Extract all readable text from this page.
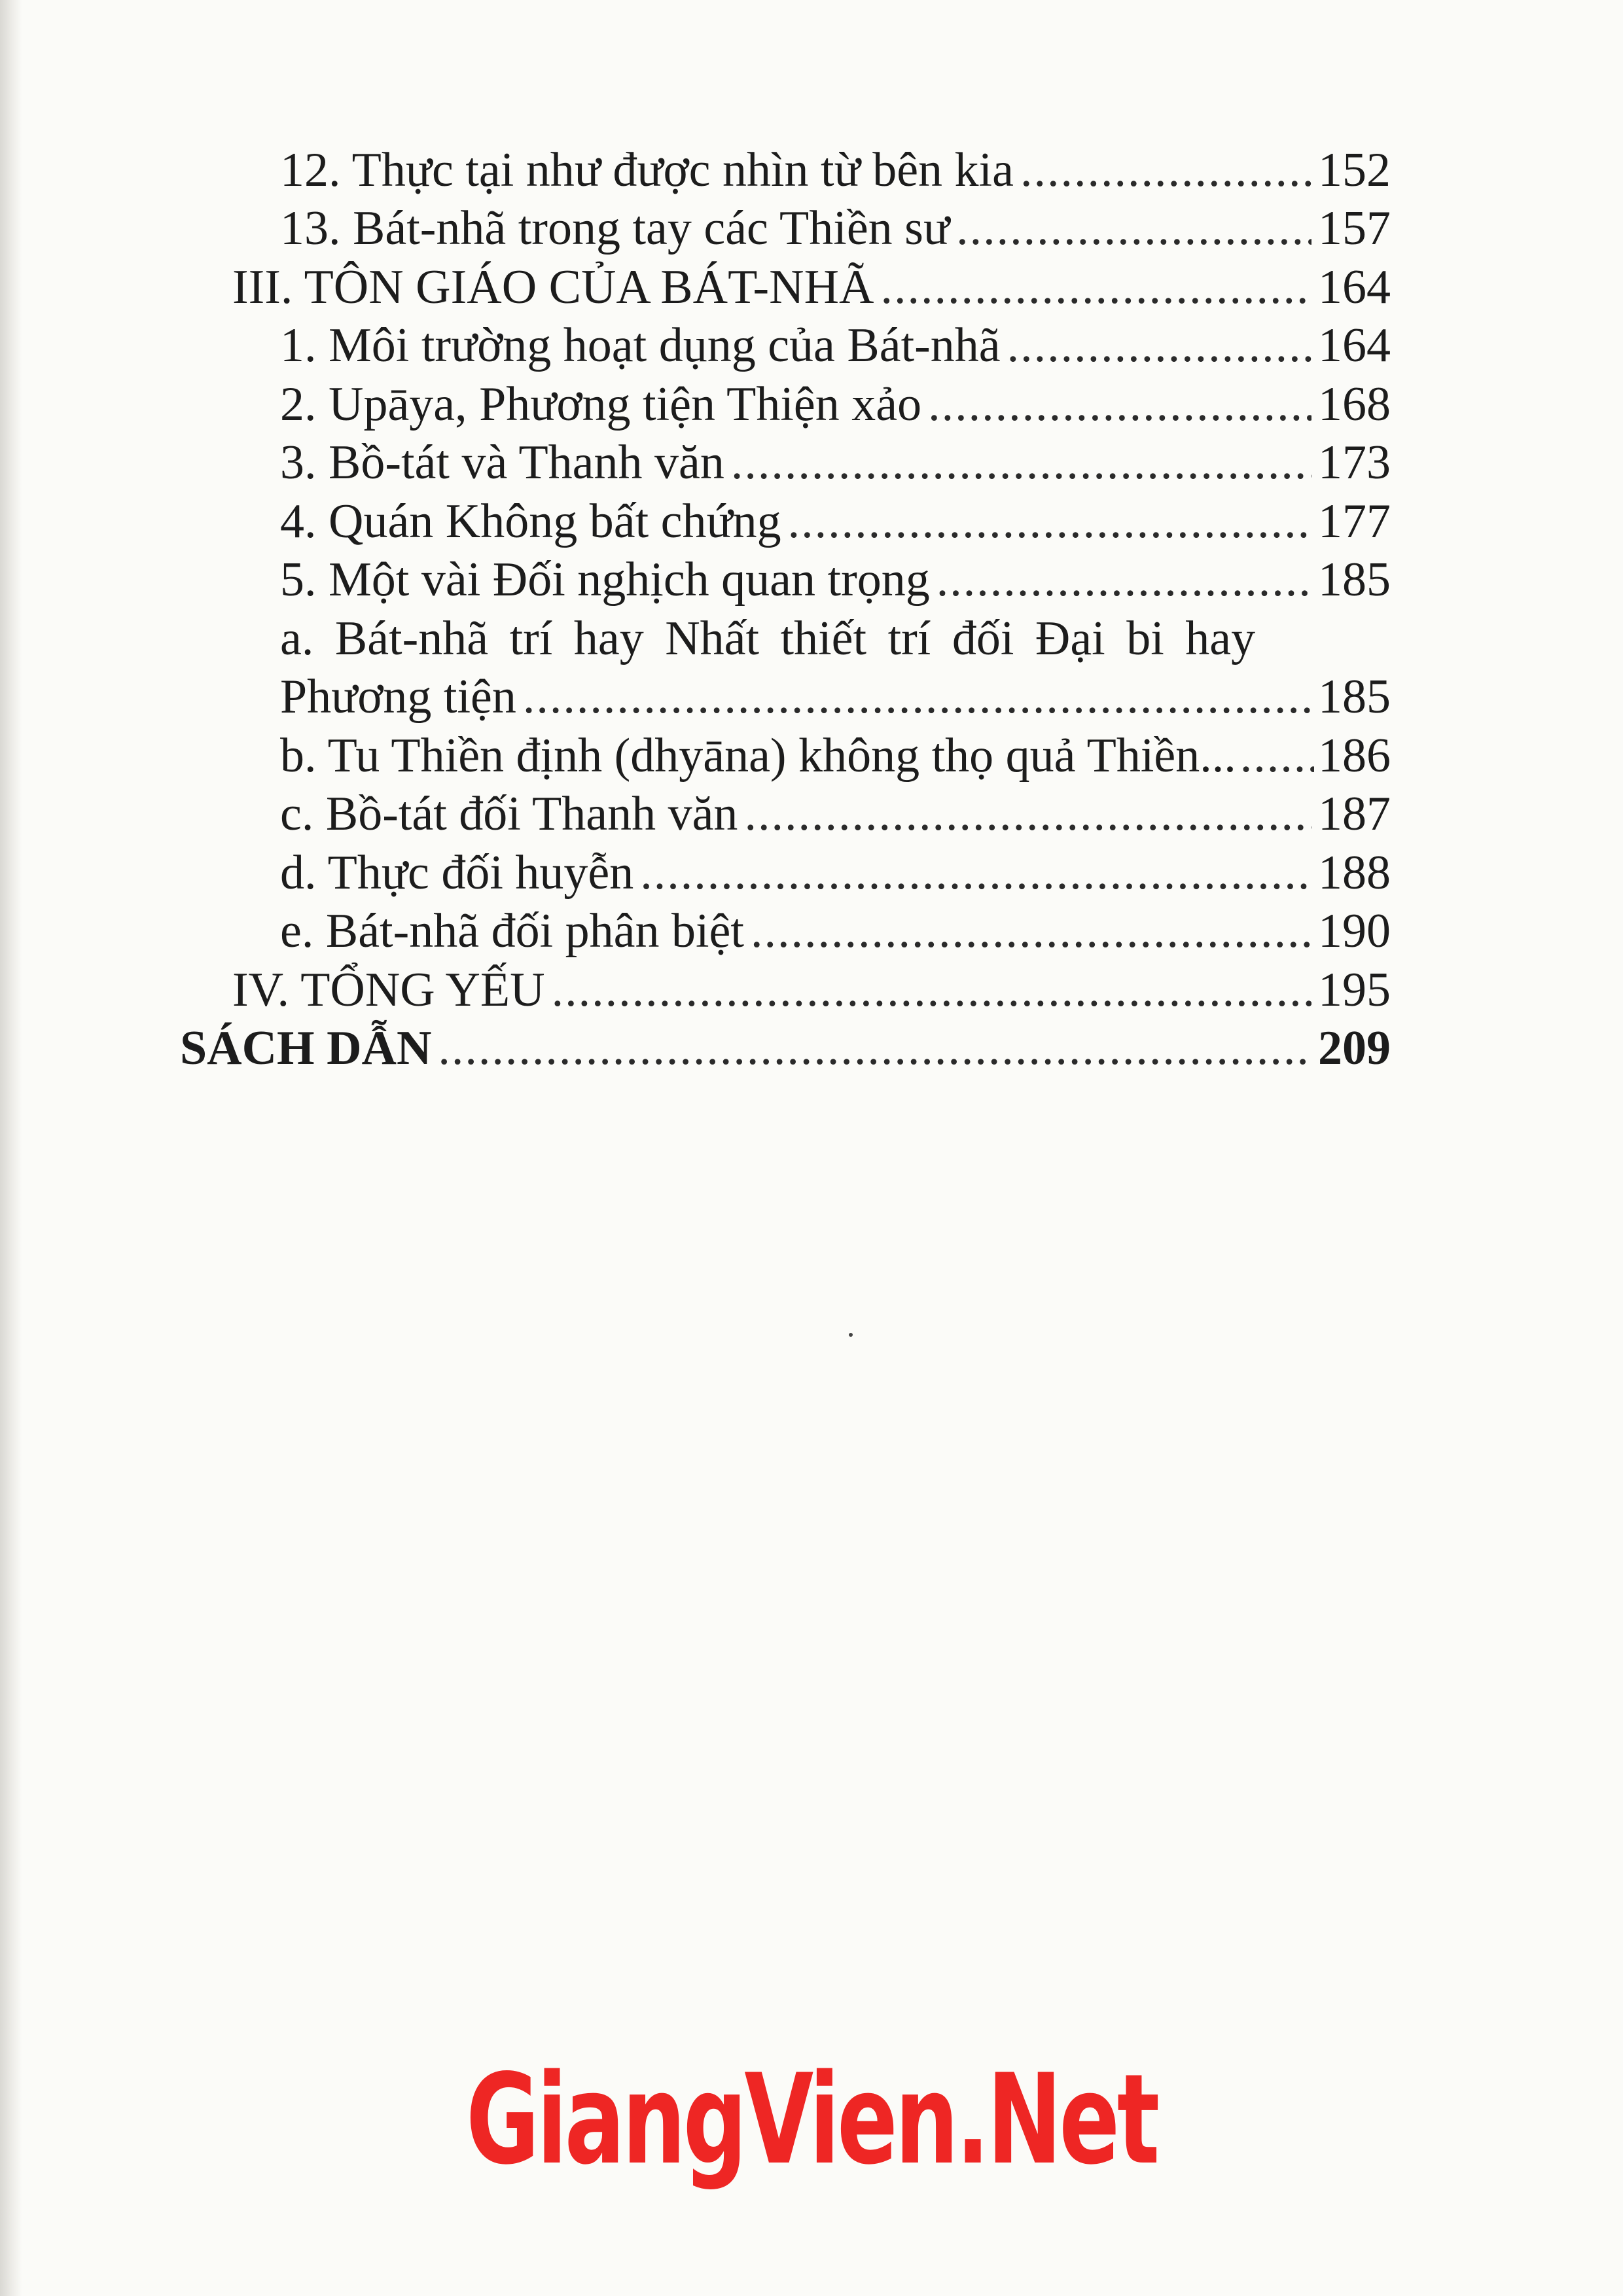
12. Thực tại như được nhìn từ bên kia .....	152
13. Bát-nhã trong tay các Thiền sư .....	157
III. TÔN GIÁO CỦA BÁT-NHÃ .....	164
1. Môi trường hoạt dụng của Bát-nhã .....	164
2. Upāya, Phương tiện Thiện xảo .....	168
3. Bồ-tát và Thanh văn .....	173
4. Quán Không bất chứng .....	177
5. Một vài Đối nghịch quan trọng .....	185
a. Bát-nhã trí hay Nhất thiết trí đối Đại bi hay
Phương tiện .....	185
b. Tu Thiền định (dhyāna) không thọ quả Thiền... ..... 186
c. Bồ-tát đối Thanh văn .....	187
d. Thực đối huyễn .....	188
e. Bát-nhã đối phân biệt .....	190
IV. TỔNG YẾU .....	195
SÁCH DẪN .....	209
GiangVien.Net
